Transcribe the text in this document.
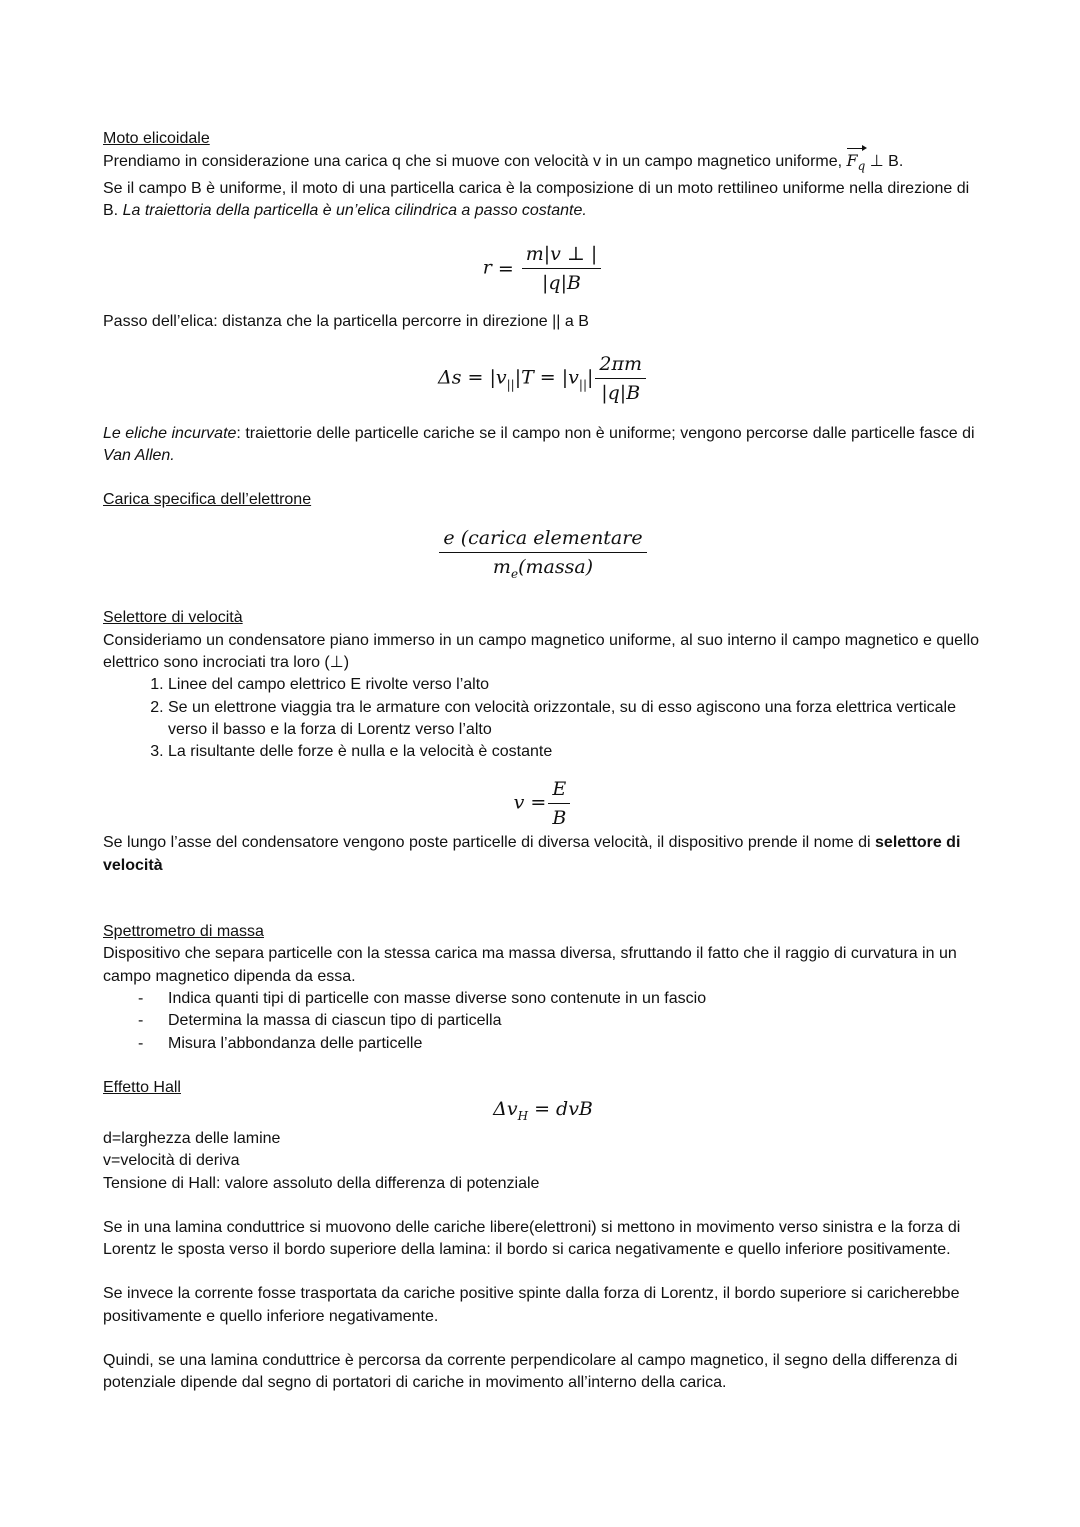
Moto elicoidale

Prendiamo in considerazione una carica q che si muove con velocità v in un campo magnetico uniforme, $F_q$ ⊥ B.

Se il campo B è uniforme, il moto di una particella carica è la composizione di un moto rettilineo uniforme nella direzione di B. La traiettoria della particella è un’elica cilindrica a passo costante.

$r = \frac{m|v \perp |}{|q|B}$

Passo dell’elica: distanza che la particella percorre in direzione || a B

$\Delta s = |v_{||}|T = |v_{||}| \frac{2\pi m}{|q|B}$

Le eliche incurvate: traiettorie delle particelle cariche se il campo non è uniforme; vengono percorse dalle particelle fasce di Van Allen.

Carica specifica dell’elettrone

$\frac{\text{e (carica elementare}}{m_e(massa)}$

Selettore di velocità

Consideriamo un condensatore piano immerso in un campo magnetico uniforme, al suo interno il campo magnetico e quello elettrico sono incrociati tra loro (⊥)

1. Linee del campo elettrico E rivolte verso l’alto
2. Se un elettrone viaggia tra le armature con velocità orizzontale, su di esso agiscono una forza elettrica verticale verso il basso e la forza di Lorentz verso l’alto
3. La risultante delle forze è nulla e la velocità è costante
$v = \frac{E}{B}$

Se lungo l’asse del condensatore vengono poste particelle di diversa velocità, il dispositivo prende il nome di selettore di velocità

Spettrometro di massa

Dispositivo che separa particelle con la stessa carica ma massa diversa, sfruttando il fatto che il raggio di curvatura in un campo magnetico dipenda da essa.

- Indica quanti tipi di particelle con masse diverse sono contenute in un fascio
- Determina la massa di ciascun tipo di particella
- Misura l’abbondanza delle particelle

Effetto Hall

$\Delta v_H$ = dvB

d=larghezza delle lamine

v=velocità di deriva

Tensione di Hall: valore assoluto della differenza di potenziale

Se in una lamina conduttrice si muovono delle cariche libere(elettroni) si mettono in movimento verso sinistra e la forza di Lorentz le sposta verso il bordo superiore della lamina: il bordo si carica negativamente e quello inferiore positivamente.

Se invece la corrente fosse trasportata da cariche positive spinte dalla forza di Lorentz, il bordo superiore si caricherebbe positivamente e quello inferiore negativamente.

Quindi, se una lamina conduttrice è percorsa da corrente perpendicolare al campo magnetico, il segno della differenza di potenziale dipende dal segno di portatori di cariche in movimento all’interno della carica.
